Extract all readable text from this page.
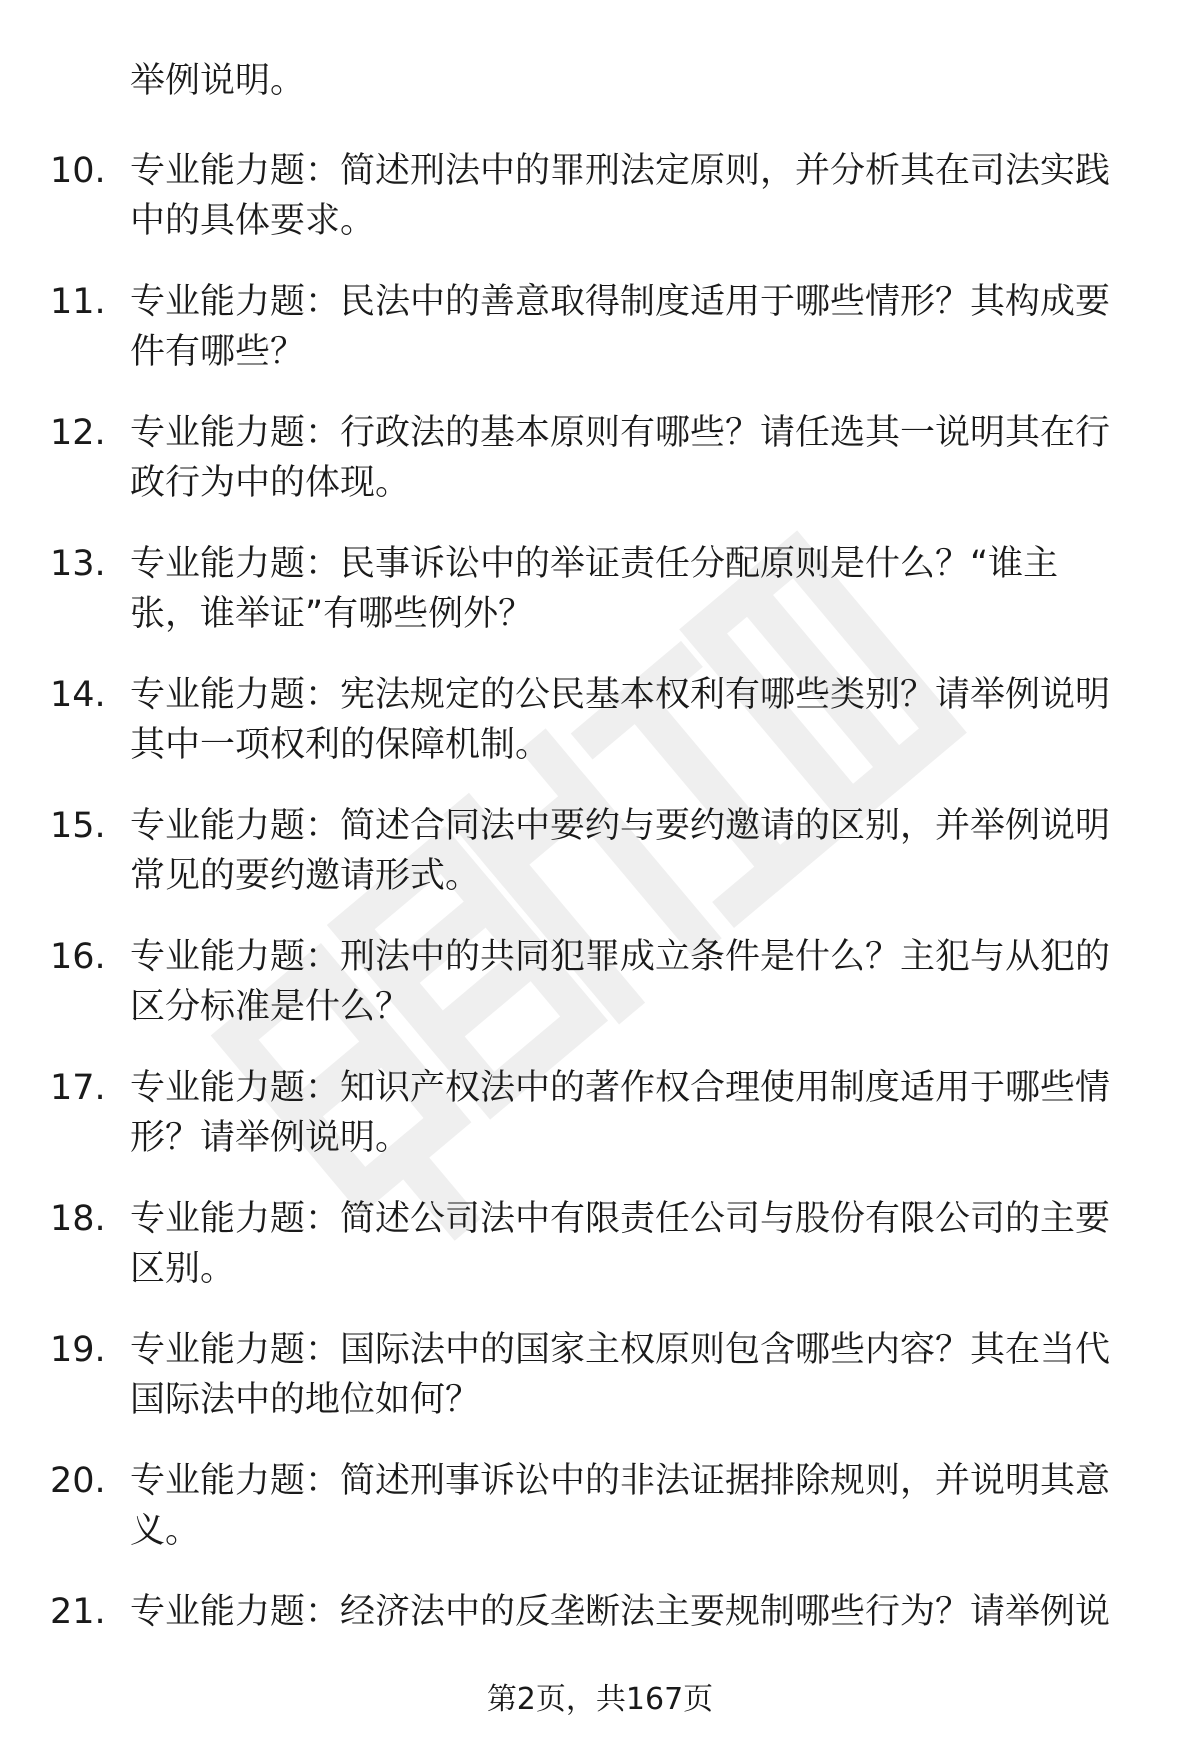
举例说明。
10. 专业能力题：简述刑法中的罪刑法定原则，并分析其在司法实践
中的具体要求。
11. 专业能力题：民法中的善意取得制度适用于哪些情形？其构成要
件有哪些？
12. 专业能力题：行政法的基本原则有哪些？请任选其一说明其在行
政行为中的体现。
13. 专业能力题：民事诉讼中的举证责任分配原则是什么？“谁主
张，谁举证”有哪些例外？
14. 专业能力题：宪法规定的公民基本权利有哪些类别？请举例说明
其中一项权利的保障机制。
15. 专业能力题：简述合同法中要约与要约邀请的区别，并举例说明
常见的要约邀请形式。
16. 专业能力题：刑法中的共同犯罪成立条件是什么？主犯与从犯的
区分标准是什么？
17. 专业能力题：知识产权法中的著作权合理使用制度适用于哪些情
形？请举例说明。
18. 专业能力题：简述公司法中有限责任公司与股份有限公司的主要
区别。
19. 专业能力题：国际法中的国家主权原则包含哪些内容？其在当代
国际法中的地位如何？
20. 专业能力题：简述刑事诉讼中的非法证据排除规则，并说明其意
义。
21. 专业能力题：经济法中的反垄断法主要规制哪些行为？请举例说
第2页，共167页
